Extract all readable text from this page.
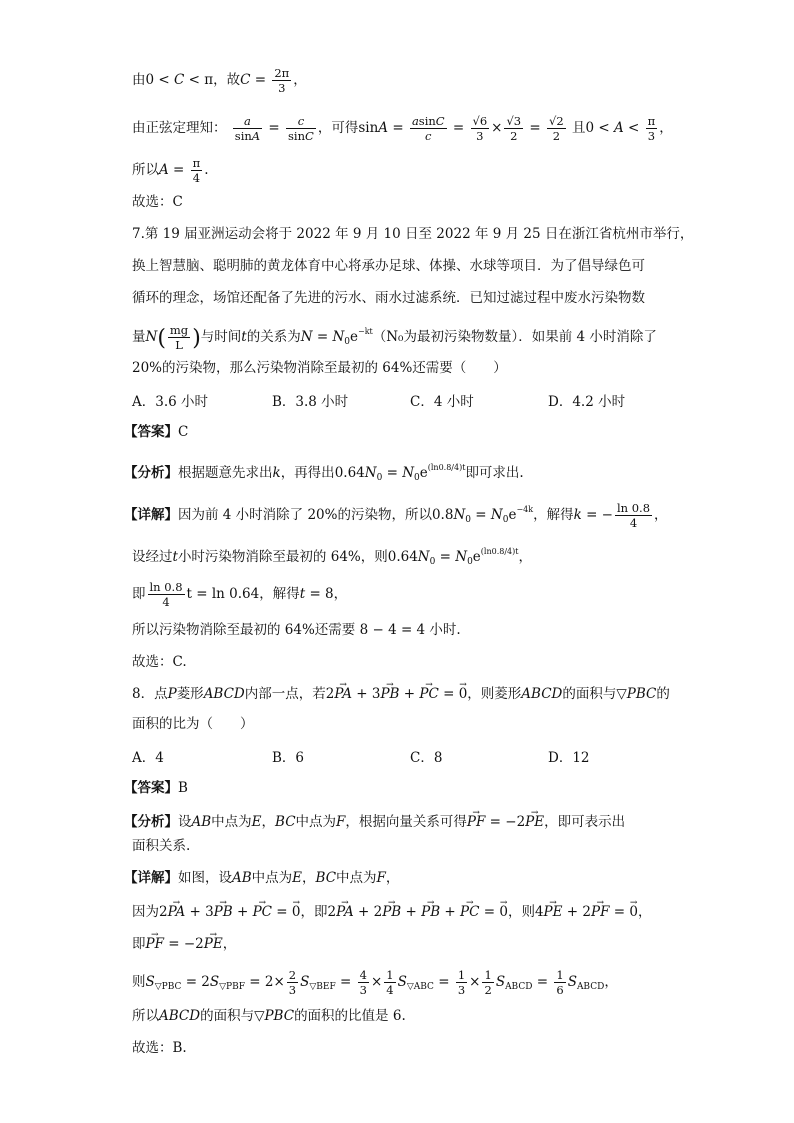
由0 < C < π，故$C = \frac{2\pi}{3}$ ，
由正弦定理知： $\frac{a}{\sin A} = \frac{c}{\sin C}$ ，可得$\sin A = \frac{asinC}{c} = \frac{√6}{3} \times \frac{√3}{2} = \frac{√2}{2}$ 且$0 < A < \frac{\pi}{3}$ ，
所以$A = \frac{\pi}{4}$ .
故选：C
7.第 19 届亚洲运动会将于 2022 年 9 月 10 日至 2022 年 9 月 25 日在浙江省杭州市举行，
换上智慧脑、聪明肺的黄龙体育中心将承办足球、体操、水球等项目．为了倡导绿色可
循环的理念，场馆还配备了先进的污水、雨水过滤系统．已知过滤过程中废水污染物数
量$N( \frac{mg}{L}$ )与时间t的关系为$N = N_0e^{-kt}(N_0$为最初污染物数量）．如果前 4 小时消除了
20%的污染物，那么污染物消除至最初的 64%还需要（　　）
A．3.6 小时	B．3.8 小时	C．4 小时	D．4.2 小时
【答案】C
【分析】根据题意先求出k，再得出$0.64N_0 = N_0e^{(ln0.8/4)t}$即可求出.
【详解】因为前 4 小时消除了 20%的污染物，所以$0.8N_0 = N_0e^{-4k}$，解得k = − $\frac{\ln 0.8}{4}$ ，
设经过t小时污染物消除至最初的 64%，则$0.64N_0 = N_0e^{(ln0.8/4)t}$，
即 $\frac{\ln 0.8}{4}$ t = ln 0.64，解得t = 8，
所以污染物消除至最初的 64%还需要 8 − 4 = 4 小时.
故选：C.
8．点P菱形ABCD内部一点，若2→ PA + 3→ PB + → PC = → 0，则菱形ABCD的面积与▽PBC的
面积的比为（　　）
A．4	B．6	C．8	D．12
【答案】B
【分析】设AB中点为E，BC中点为F，根据向量关系可得→ PF = −2→ PE，即可表示出
面积关系.
【详解】如图，设AB中点为E，BC中点为F，
因为2→ PA + 3→ PB + → PC = → 0，即2→ PA + 2→ PB + → PB + → PC = → 0，则4→ PE + 2→ PF = → 0，
即→ PF = −2→ PE，
则$S_{▽PBC} = 2S_{▽PBF} = 2\times \frac{2}{3} S_{▽BEF} = \frac{4}{3} \times \frac{1}{4} S_{▽ABC} = \frac{1}{3} \times \frac{1}{2} S_{ABCD} = \frac{1}{6} S_{ABCD}$，
所以ABCD的面积与▽PBC的面积的比值是 6.
故选：B.
